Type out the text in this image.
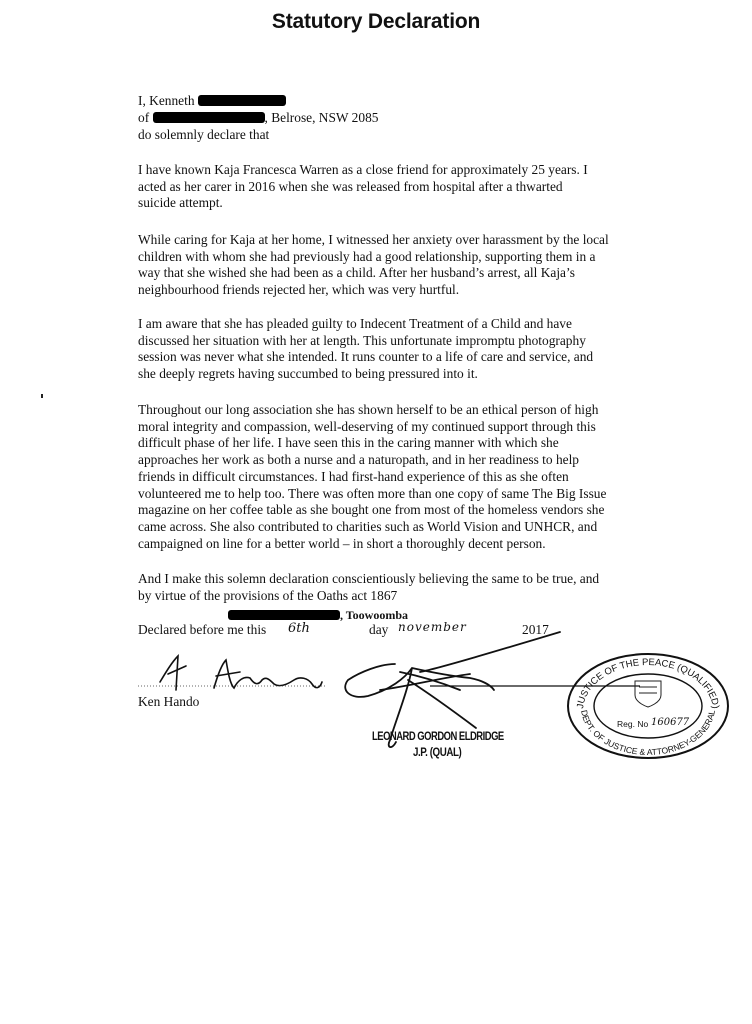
Statutory Declaration
I, Kenneth
of	, Belrose, NSW 2085
do solemnly declare that
I have known Kaja Francesca Warren as a close friend for approximately 25 years. I
acted as her carer in 2016 when she was released from hospital after a thwarted
suicide attempt.
While caring for Kaja at her home, I witnessed her anxiety over harassment by the local
children with whom she had previously had a good relationship, supporting them in a
way that she wished she had been as a child. After her husband’s arrest, all Kaja’s
neighbourhood friends rejected her, which was very hurtful.
I am aware that she has pleaded guilty to Indecent Treatment of a Child and have
discussed her situation with her at length. This unfortunate impromptu photography
session was never what she intended. It runs counter to a life of care and service, and
she deeply regrets having succumbed to being pressured into it.
Throughout our long association she has shown herself to be an ethical person of high
moral integrity and compassion, well-deserving of my continued support through this
difficult phase of her life. I have seen this in the caring manner with which she
approaches her work as both a nurse and a naturopath, and in her readiness to help
friends in difficult circumstances. I had first-hand experience of this as she often
volunteered me to help too. There was often more than one copy of same The Big Issue
magazine on her coffee table as she bought one from most of the homeless vendors she
came across. She also contributed to charities such as World Vision and UNHCR, and
campaigned on line for a better world – in short a thoroughly decent person.
And I make this solemn declaration conscientiously believing the same to be true, and
by virtue of the provisions of the Oaths act 1867
, Toowoomba
Declared before me this 6th	day november	2017
Ken Hando
LEONARD GORDON ELDRIDGE
J.P. (QUAL)
JUSTICE OF THE PEACE (QUALIFIED)
DEPT. OF JUSTICE & ATTORNEY-GENERAL
Reg. No 160677
